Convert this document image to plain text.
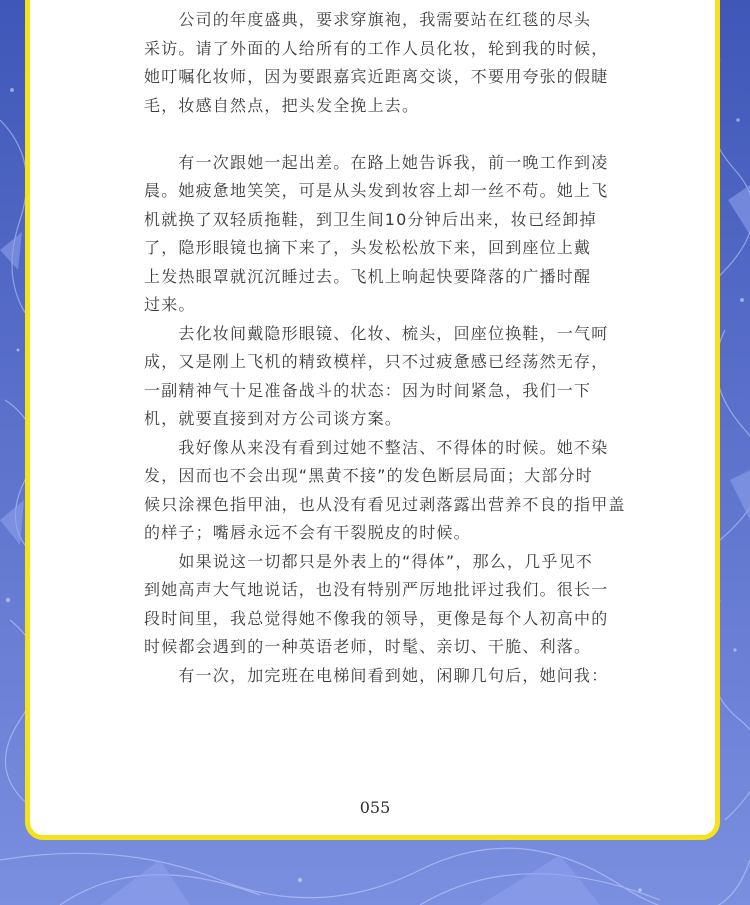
　　公司的年度盛典，要求穿旗袍，我需要站在红毯的尽头
采访。请了外面的人给所有的工作人员化妆，轮到我的时候，
她叮嘱化妆师，因为要跟嘉宾近距离交谈，不要用夸张的假睫
毛，妆感自然点，把头发全挽上去。
　　有一次跟她一起出差。在路上她告诉我，前一晚工作到凌
晨。她疲惫地笑笑，可是从头发到妆容上却一丝不苟。她上飞
机就换了双轻质拖鞋，到卫生间10分钟后出来，妆已经卸掉
了，隐形眼镜也摘下来了，头发松松放下来，回到座位上戴
上发热眼罩就沉沉睡过去。飞机上响起快要降落的广播时醒
过来。
　　去化妆间戴隐形眼镜、化妆、梳头，回座位换鞋，一气呵
成，又是刚上飞机的精致模样，只不过疲惫感已经荡然无存，
一副精神气十足准备战斗的状态：因为时间紧急，我们一下
机，就要直接到对方公司谈方案。
　　我好像从来没有看到过她不整洁、不得体的时候。她不染
发，因而也不会出现“黑黄不接”的发色断层局面；大部分时
候只涂裸色指甲油，也从没有看见过剥落露出营养不良的指甲盖
的样子；嘴唇永远不会有干裂脱皮的时候。
　　如果说这一切都只是外表上的“得体”，那么，几乎见不
到她高声大气地说话，也没有特别严厉地批评过我们。很长一
段时间里，我总觉得她不像我的领导，更像是每个人初高中的
时候都会遇到的一种英语老师，时髦、亲切、干脆、利落。
　　有一次，加完班在电梯间看到她，闲聊几句后，她问我：
055
